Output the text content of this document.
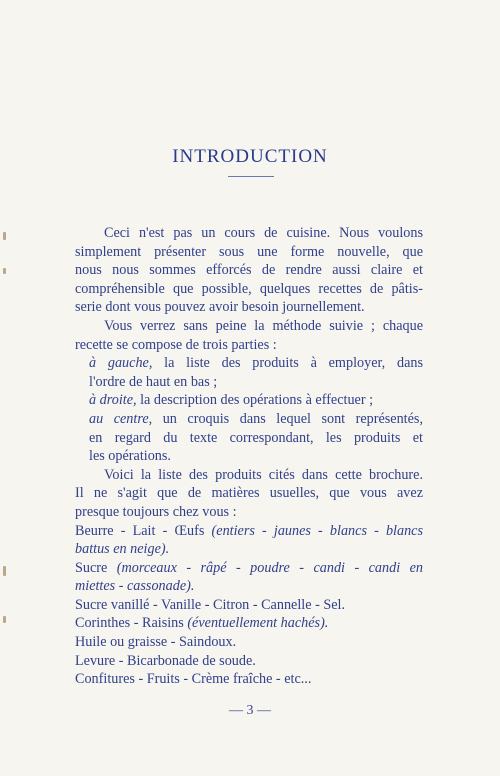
INTRODUCTION
Ceci n'est pas un cours de cuisine. Nous voulons
simplement présenter sous une forme nouvelle, que
nous nous sommes efforcés de rendre aussi claire et
compréhensible que possible, quelques recettes de pâtis-
serie dont vous pouvez avoir besoin journellement.
Vous verrez sans peine la méthode suivie ; chaque
recette se compose de trois parties :
à gauche, la liste des produits à employer, dans
l'ordre de haut en bas ;
à droite, la description des opérations à effectuer ;
au centre, un croquis dans lequel sont représentés,
en regard du texte correspondant, les produits et
les opérations.
Voici la liste des produits cités dans cette brochure.
Il ne s'agit que de matières usuelles, que vous avez
presque toujours chez vous :
Beurre - Lait - Œufs (entiers - jaunes - blancs - blancs
battus en neige).
Sucre (morceaux - râpé - poudre - candi - candi en
miettes - cassonade).
Sucre vanillé - Vanille - Citron - Cannelle - Sel.
Corinthes - Raisins (éventuellement hachés).
Huile ou graisse - Saindoux.
Levure - Bicarbonade de soude.
Confitures - Fruits - Crème fraîche - etc...
— 3 —
